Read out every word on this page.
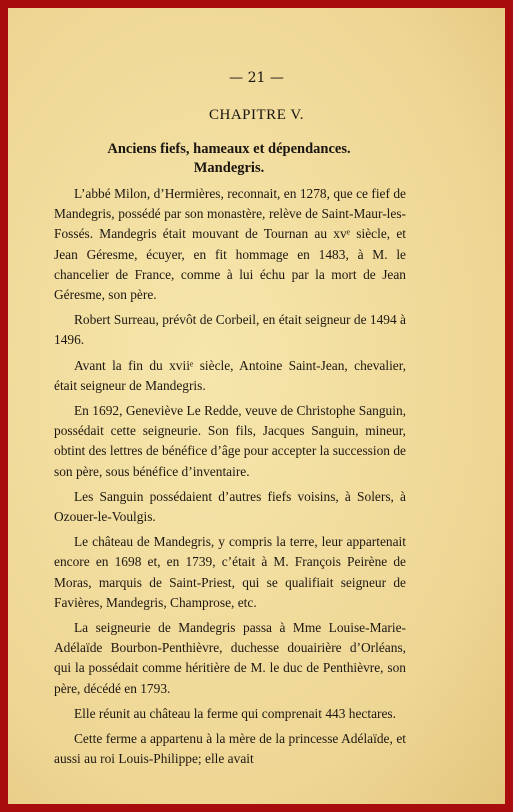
— 21 —
CHAPITRE V.
Anciens fiefs, hameaux et dépendances.
Mandegris.

L’abbé Milon, d’Hermières, reconnait, en 1278, que ce fief de Mandegris, possédé par son monastère, relève de Saint-Maur-les-Fossés. Mandegris était mouvant de Tournan au xvᵉ siècle, et Jean Géresme, écuyer, en fit hommage en 1483, à M. le chancelier de France, comme à lui échu par la mort de Jean Géresme, son père.

Robert Surreau, prévôt de Corbeil, en était seigneur de 1494 à 1496.

Avant la fin du xviiᵉ siècle, Antoine Saint-Jean, chevalier, était seigneur de Mandegris.

En 1692, Geneviève Le Redde, veuve de Christophe Sanguin, possédait cette seigneurie. Son fils, Jacques Sanguin, mineur, obtint des lettres de bénéfice d’âge pour accepter la succession de son père, sous bénéfice d’inventaire.

Les Sanguin possédaient d’autres fiefs voisins, à Solers, à Ozouer-le-Voulgis.

Le château de Mandegris, y compris la terre, leur appartenait encore en 1698 et, en 1739, c’était à M. François Peirène de Moras, marquis de Saint-Priest, qui se qualifiait seigneur de Favières, Mandegris, Champrose, etc.

La seigneurie de Mandegris passa à Mme Louise-Marie-Adélaïde Bourbon-Penthièvre, duchesse douairière d’Orléans, qui la possédait comme héritière de M. le duc de Penthièvre, son père, décédé en 1793.

Elle réunit au château la ferme qui comprenait 443 hectares.

Cette ferme a appartenu à la mère de la princesse Adélaïde, et aussi au roi Louis-Philippe; elle avait
